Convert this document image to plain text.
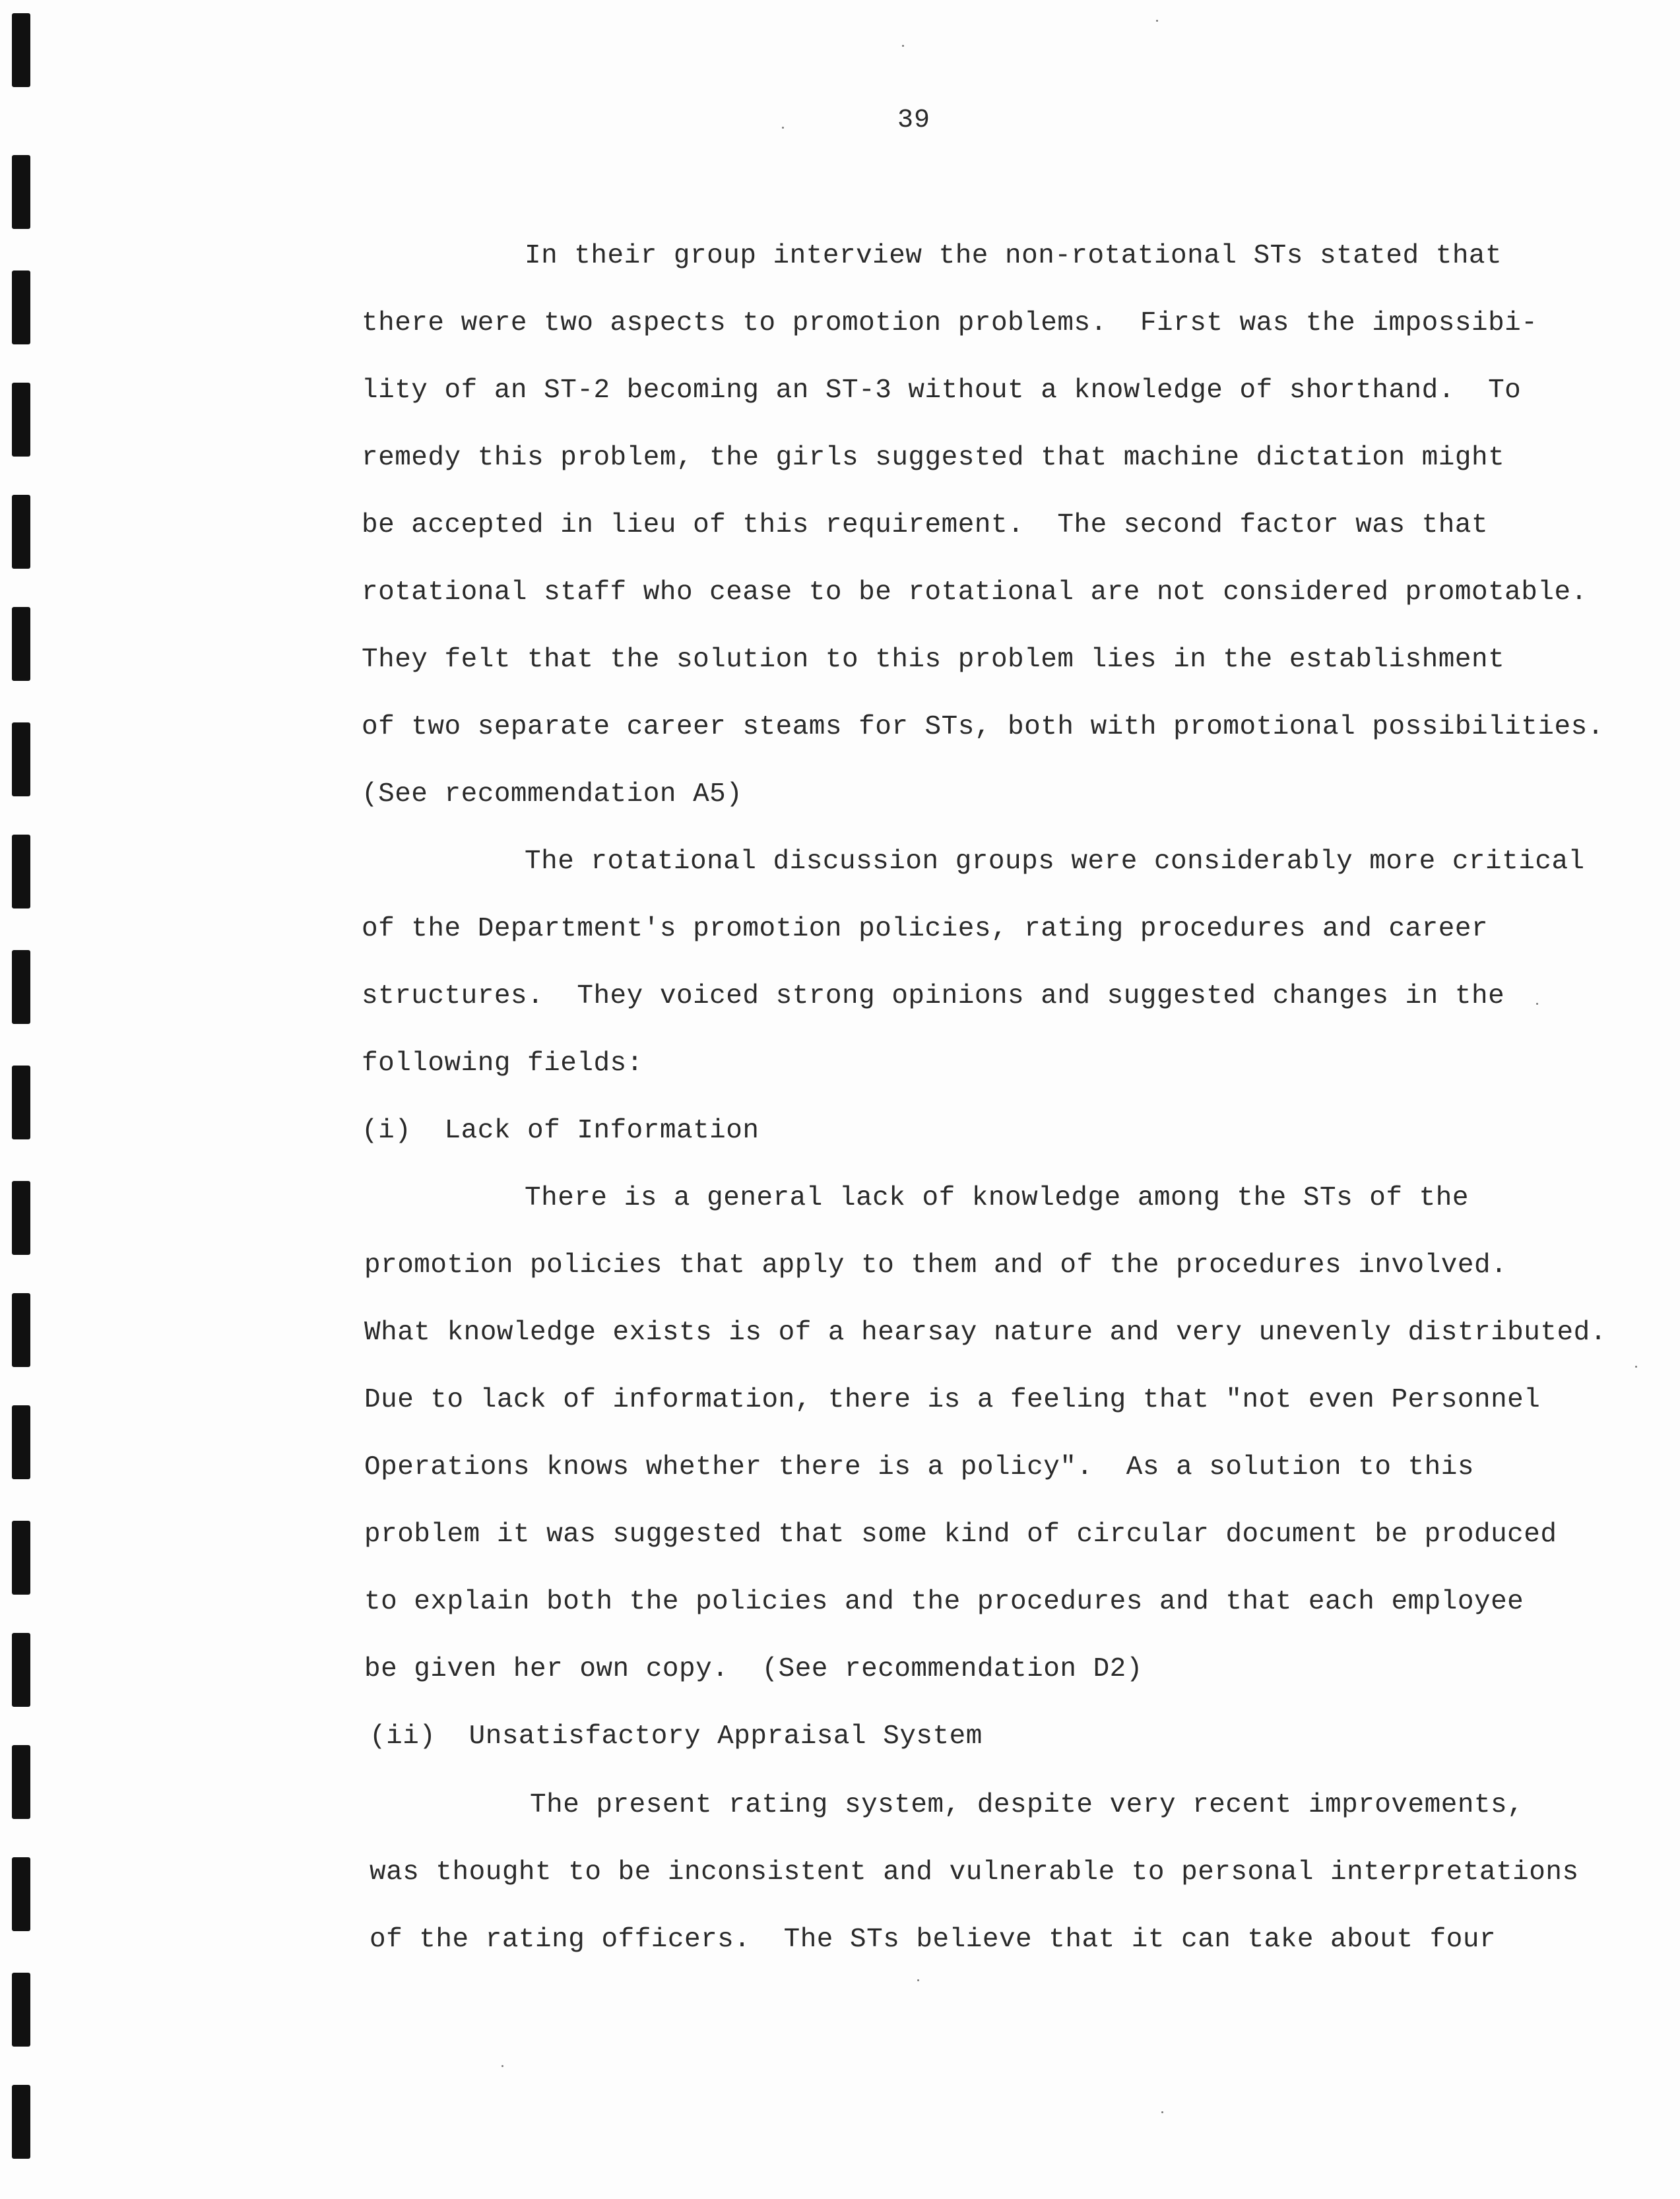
39
In their group interview the non-rotational STs stated that
there were two aspects to promotion problems.  First was the impossibi-
lity of an ST-2 becoming an ST-3 without a knowledge of shorthand.  To
remedy this problem, the girls suggested that machine dictation might
be accepted in lieu of this requirement.  The second factor was that
rotational staff who cease to be rotational are not considered promotable.
They felt that the solution to this problem lies in the establishment
of two separate career steams for STs, both with promotional possibilities.
(See recommendation A5)
The rotational discussion groups were considerably more critical
of the Department's promotion policies, rating procedures and career
structures.  They voiced strong opinions and suggested changes in the
following fields:
(i)  Lack of Information
There is a general lack of knowledge among the STs of the
promotion policies that apply to them and of the procedures involved.
What knowledge exists is of a hearsay nature and very unevenly distributed.
Due to lack of information, there is a feeling that "not even Personnel
Operations knows whether there is a policy".  As a solution to this
problem it was suggested that some kind of circular document be produced
to explain both the policies and the procedures and that each employee
be given her own copy.  (See recommendation D2)
(ii)  Unsatisfactory Appraisal System
The present rating system, despite very recent improvements,
was thought to be inconsistent and vulnerable to personal interpretations
of the rating officers.  The STs believe that it can take about four
